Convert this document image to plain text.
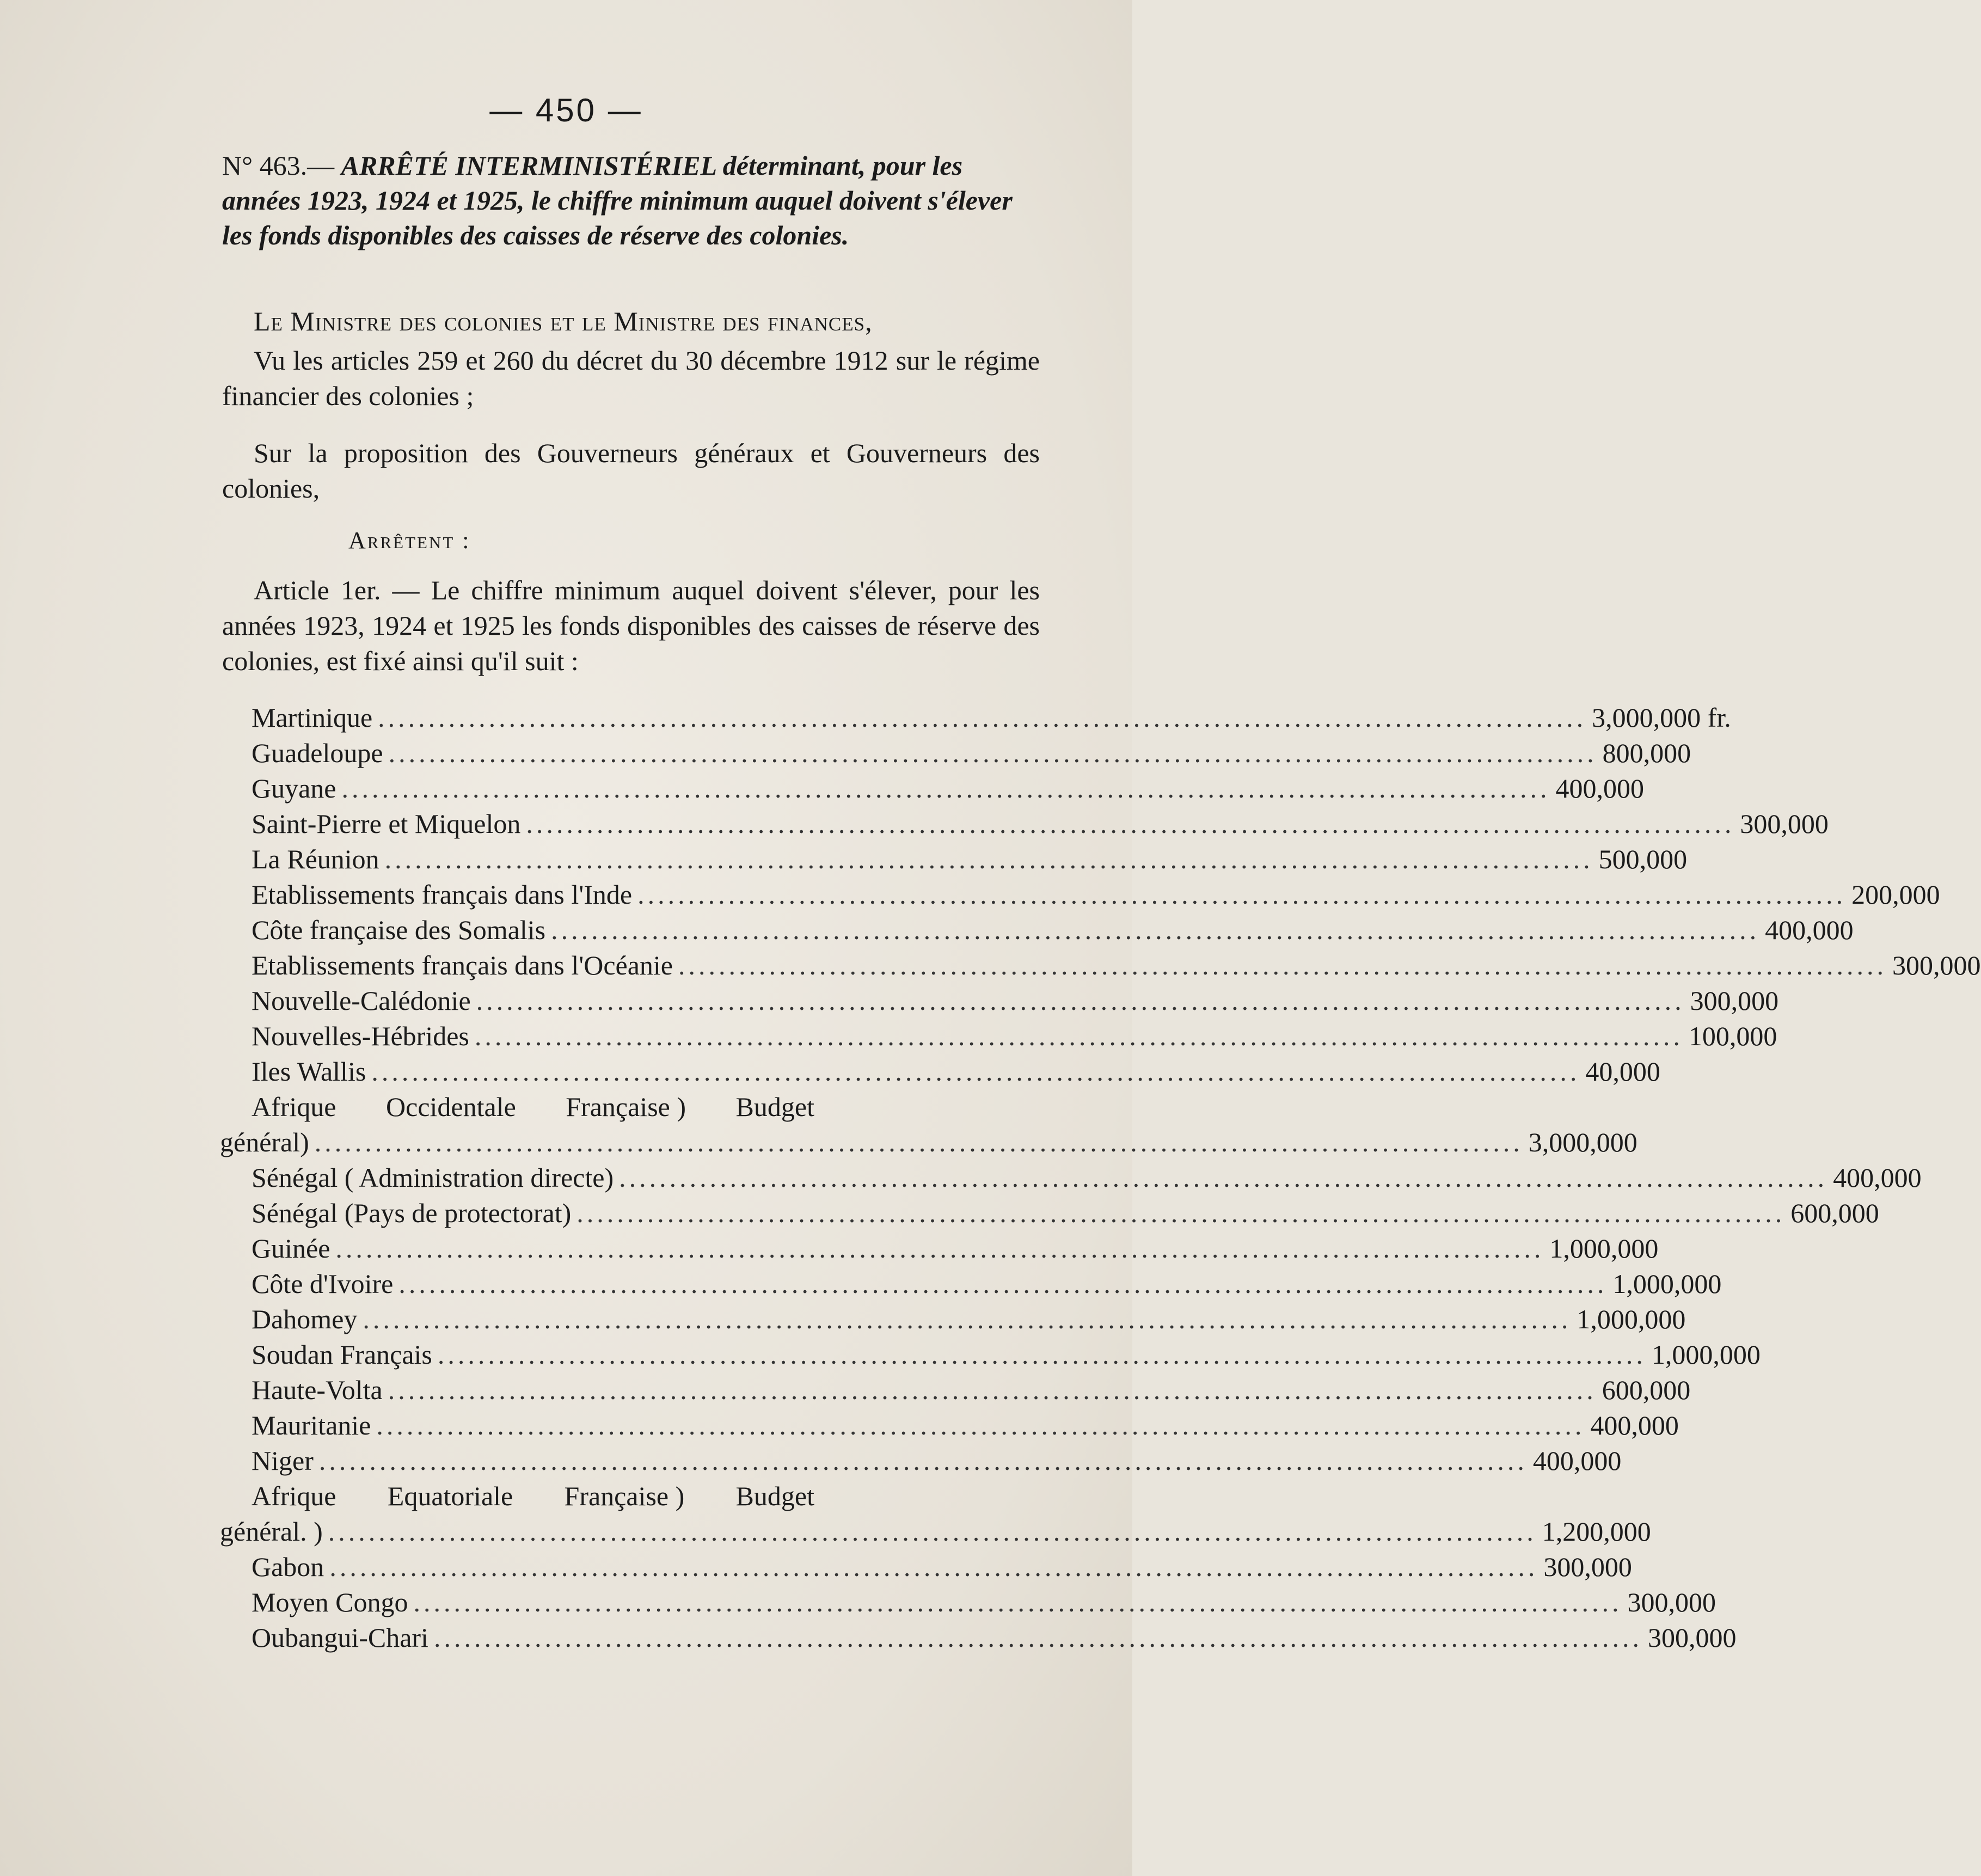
— 450 —
N° 463.— ARRÊTÉ INTERMINISTÉRIEL déterminant, pour les années 1923, 1924 et 1925, le chiffre minimum auquel doivent s'élever les fonds disponibles des caisses de réserve des colonies.
Le Ministre des colonies et le Ministre des finances,
Vu les articles 259 et 260 du décret du 30 décembre 1912 sur le régime financier des colonies ;
Sur la proposition des Gouverneurs généraux et Gouverneurs des colonies,
Arrêtent :
Article 1er. — Le chiffre minimum auquel doivent s'élever, pour les années 1923, 1924 et 1925 les fonds disponibles des caisses de réserve des colonies, est fixé ainsi qu'il suit :
Martinique ........................................................................................................................ 3,000,000 fr.
Guadeloupe ........................................................................................................................ 800,000
Guyane ........................................................................................................................ 400,000
Saint-Pierre et Miquelon ........................................................................................................................ 300,000
La Réunion ........................................................................................................................ 500,000
Etablissements français dans l'Inde ........................................................................................................................ 200,000
Côte française des Somalis ........................................................................................................................ 400,000
Etablissements français dans l'Océanie ........................................................................................................................ 300,000
Nouvelle-Calédonie ........................................................................................................................ 300,000
Nouvelles-Hébrides ........................................................................................................................ 100,000
Iles Wallis ........................................................................................................................ 40,000
Afrique Occidentale Française ) Budget
général) ........................................................................................................................ 3,000,000
Sénégal ( Administration directe) ........................................................................................................................ 400,000
Sénégal (Pays de protectorat) ........................................................................................................................ 600,000
Guinée ........................................................................................................................ 1,000,000
Côte d'Ivoire ........................................................................................................................ 1,000,000
Dahomey ........................................................................................................................ 1,000,000
Soudan Français ........................................................................................................................ 1,000,000
Haute-Volta ........................................................................................................................ 600,000
Mauritanie ........................................................................................................................ 400,000
Niger ........................................................................................................................ 400,000
Afrique Equatoriale Française ) Budget
général. ) ........................................................................................................................ 1,200,000
Gabon ........................................................................................................................ 300,000
Moyen Congo ........................................................................................................................ 300,000
Oubangui-Chari ........................................................................................................................ 300,000
